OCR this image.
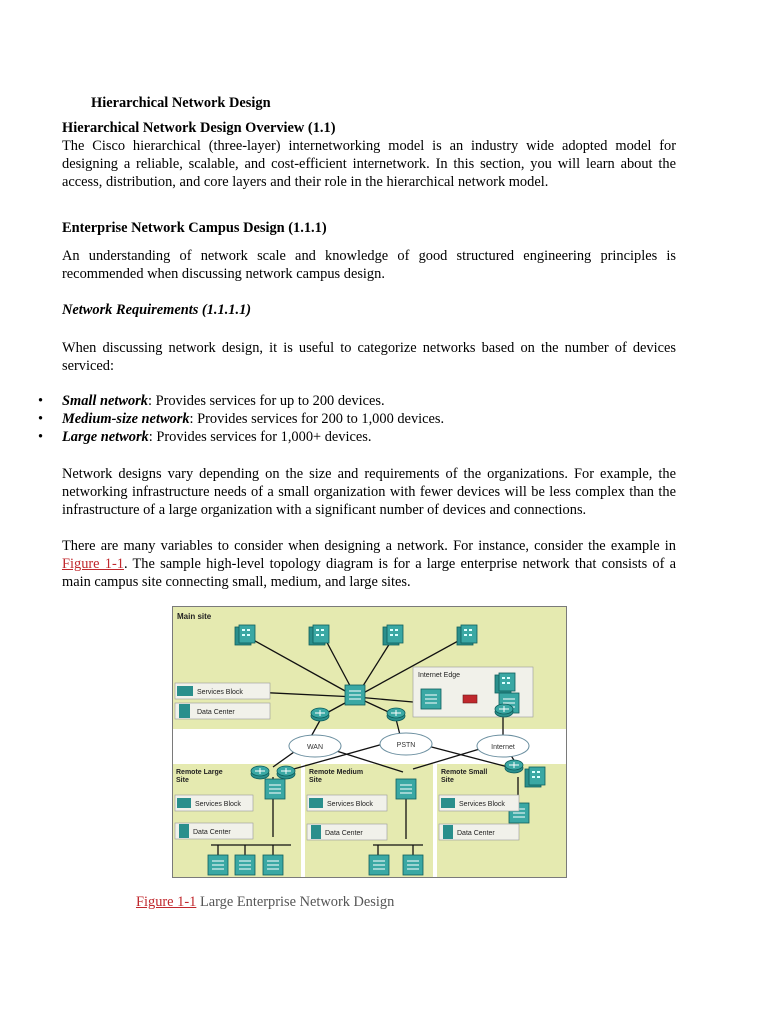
Hierarchical Network Design
Hierarchical Network Design Overview (1.1)
The Cisco hierarchical (three-layer) internetworking model is an industry wide adopted model for designing a reliable, scalable, and cost-efficient internetwork. In this section, you will learn about the access, distribution, and core layers and their role in the hierarchical network model.
Enterprise Network Campus Design (1.1.1)
An understanding of network scale and knowledge of good structured engineering principles is recommended when discussing network campus design.
Network Requirements (1.1.1.1)
When discussing network design, it is useful to categorize networks based on the number of devices serviced:
• Small network: Provides services for up to 200 devices.
• Medium-size network: Provides services for 200 to 1,000 devices.
• Large network: Provides services for 1,000+ devices.
Network designs vary depending on the size and requirements of the organizations. For example, the networking infrastructure needs of a small organization with fewer devices will be less complex than the infrastructure of a large organization with a significant number of devices and connections.
There are many variables to consider when designing a network. For instance, consider the example in Figure 1-1. The sample high-level topology diagram is for a large enterprise network that consists of a main campus site connecting small, medium, and large sites.
Main site
Services Block
Data Center
Internet Edge
WAN	PSTN	Internet
Remote Large
Site
Services Block
Data Center
Remote Medium
Site
Services Block
Data Center
Remote Small
Site
Services Block
Data Center
Figure 1-1 Large Enterprise Network Design
